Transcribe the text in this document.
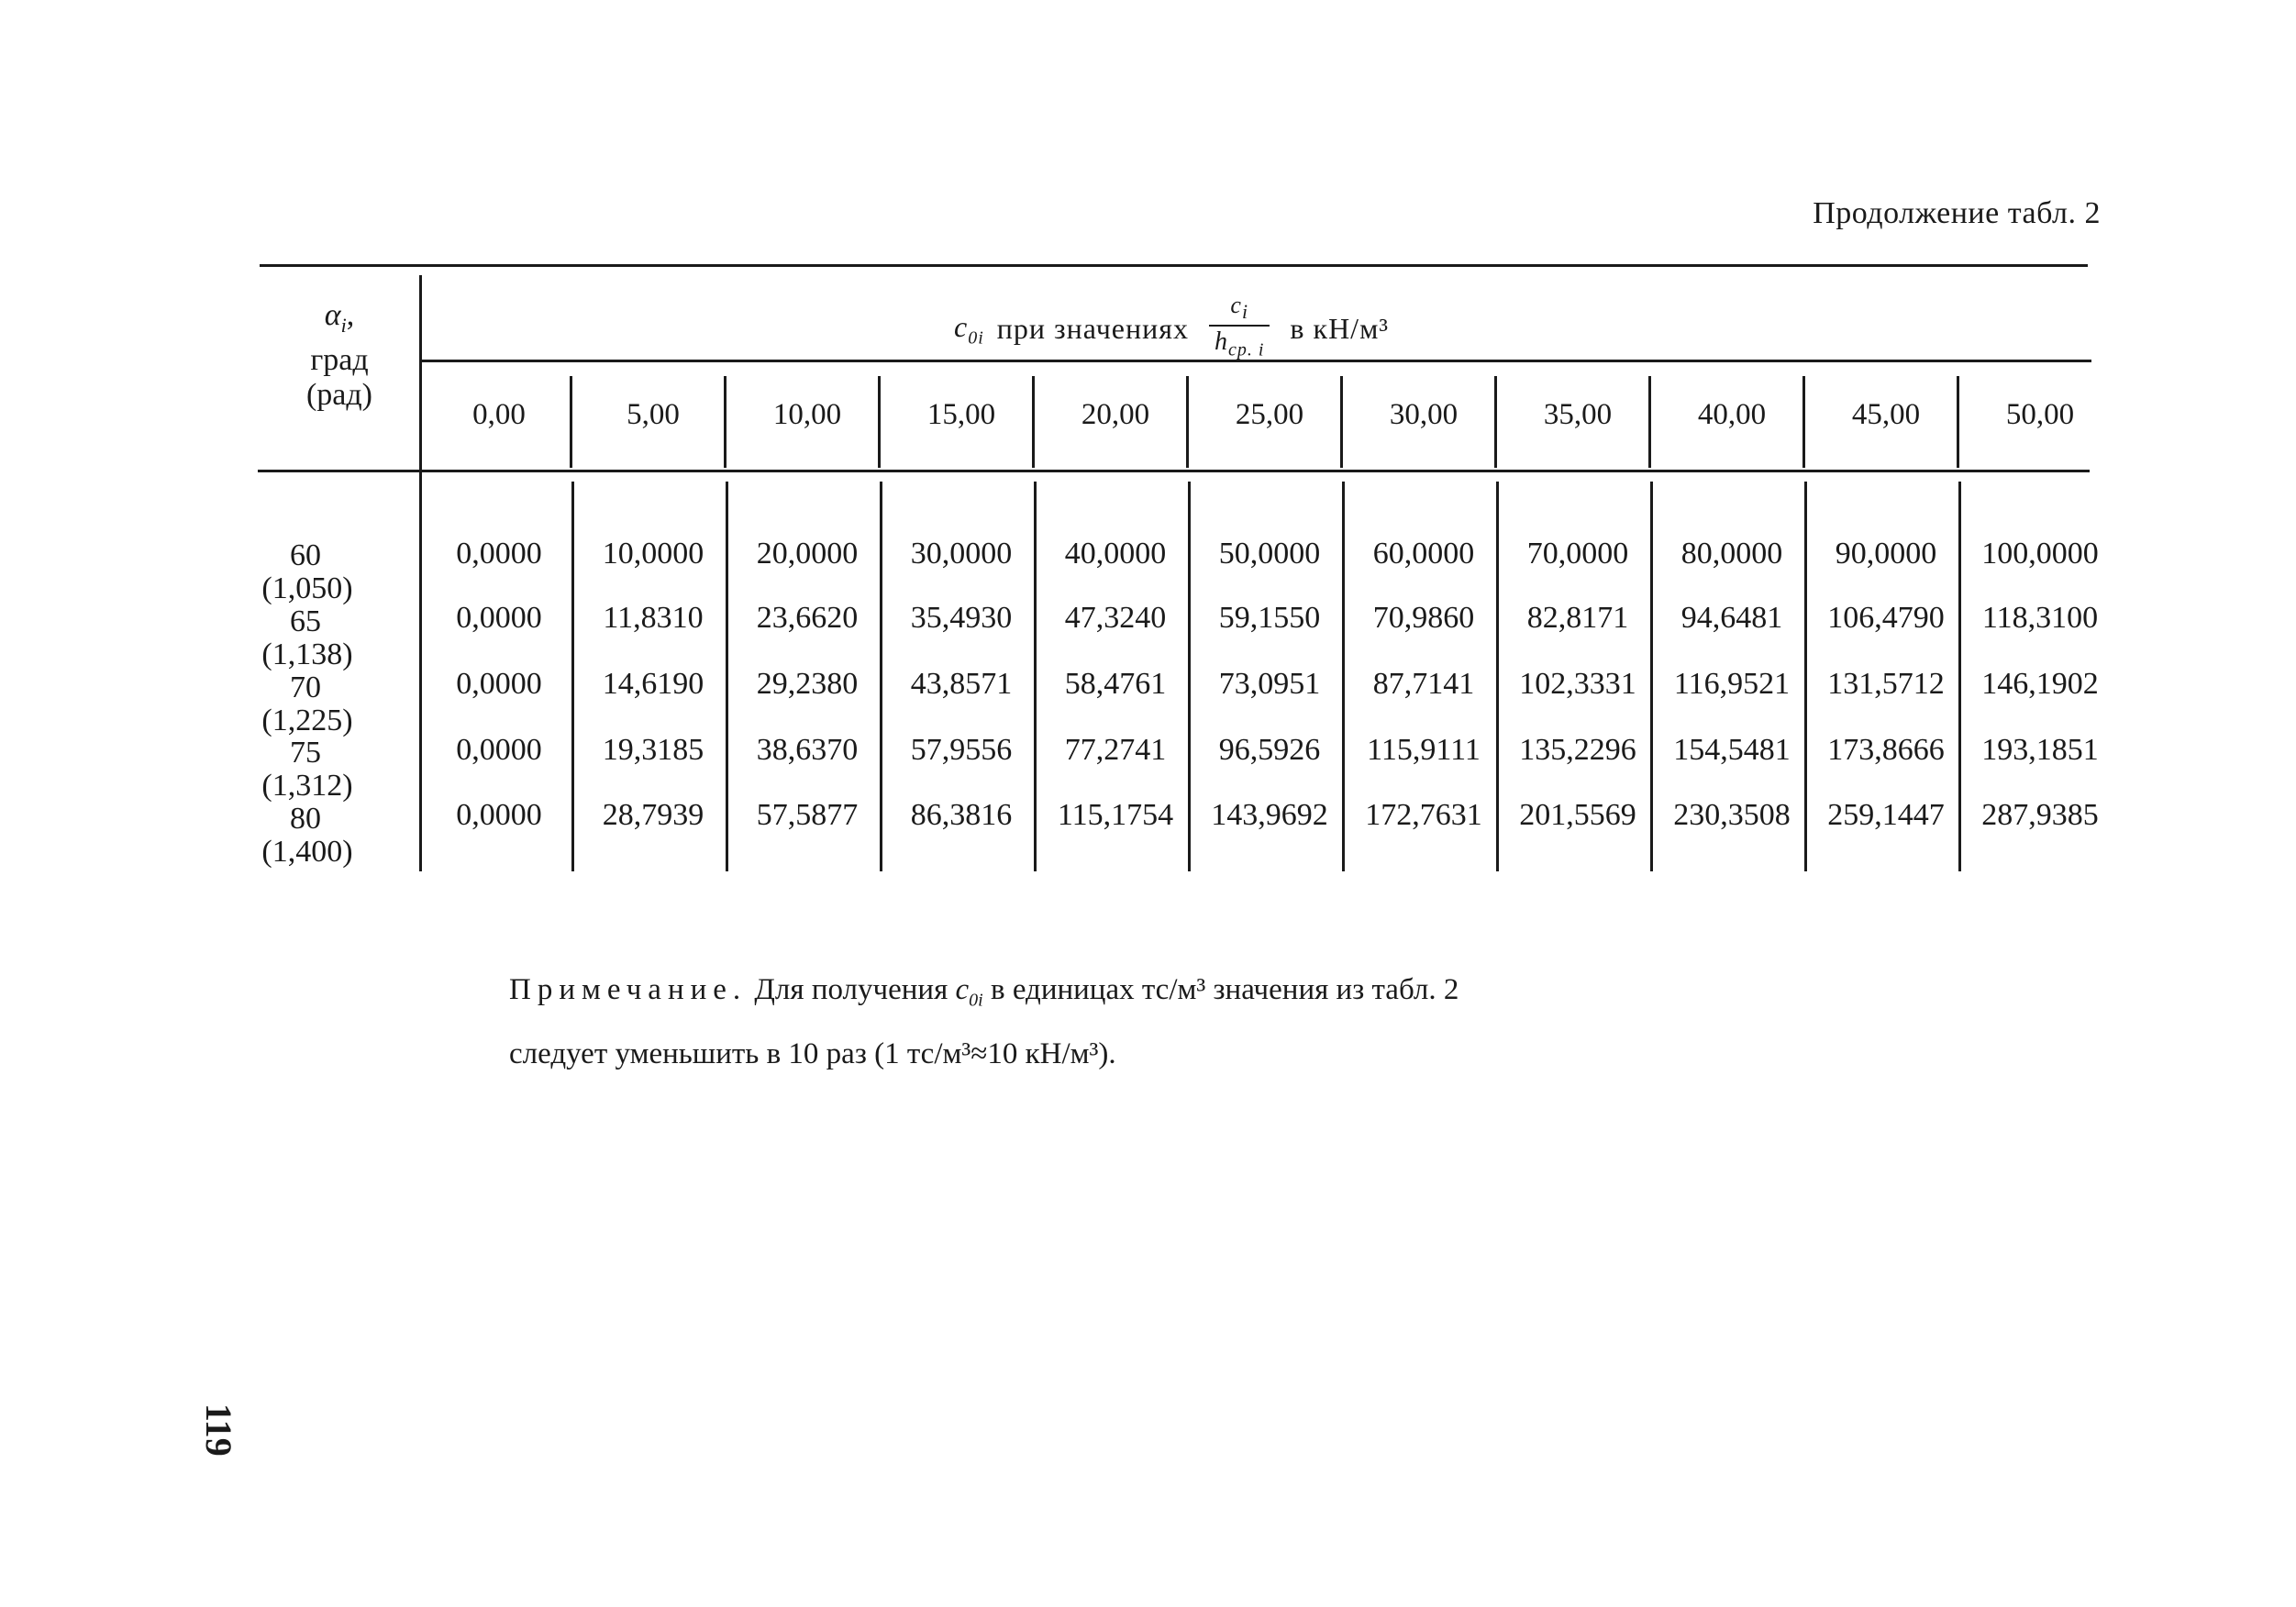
Продолжение табл. 2
$\alpha_i$,
град
(рад)
$c_{0i}$ при значениях $\frac{c_i}{h_{ср. i}}$ в кН/м³
0,00	5,00	10,00	15,00	20,00	25,00	30,00	35,00	40,00	45,00	50,00
60
(1,050)
0,0000	10,0000	20,0000	30,0000	40,0000	50,0000	60,0000	70,0000	80,0000	90,0000	100,0000
65
(1,138)
0,0000	11,8310	23,6620	35,4930	47,3240	59,1550	70,9860	82,8171	94,6481	106,4790	118,3100
70
(1,225)
0,0000	14,6190	29,2380	43,8571	58,4761	73,0951	87,7141	102,3331	116,9521	131,5712	146,1902
75
(1,312)
0,0000	19,3185	38,6370	57,9556	77,2741	96,5926	115,9111	135,2296	154,5481	173,8666	193,1851
80
(1,400)
0,0000	28,7939	57,5877	86,3816	115,1754	143,9692	172,7631	201,5569	230,3508	259,1447	287,9385
Примечание. Для получения $c_{0i}$ в единицах тс/м³ значения из табл. 2
следует уменьшить в 10 раз (1 тс/м³≈10 кН/м³).
119
